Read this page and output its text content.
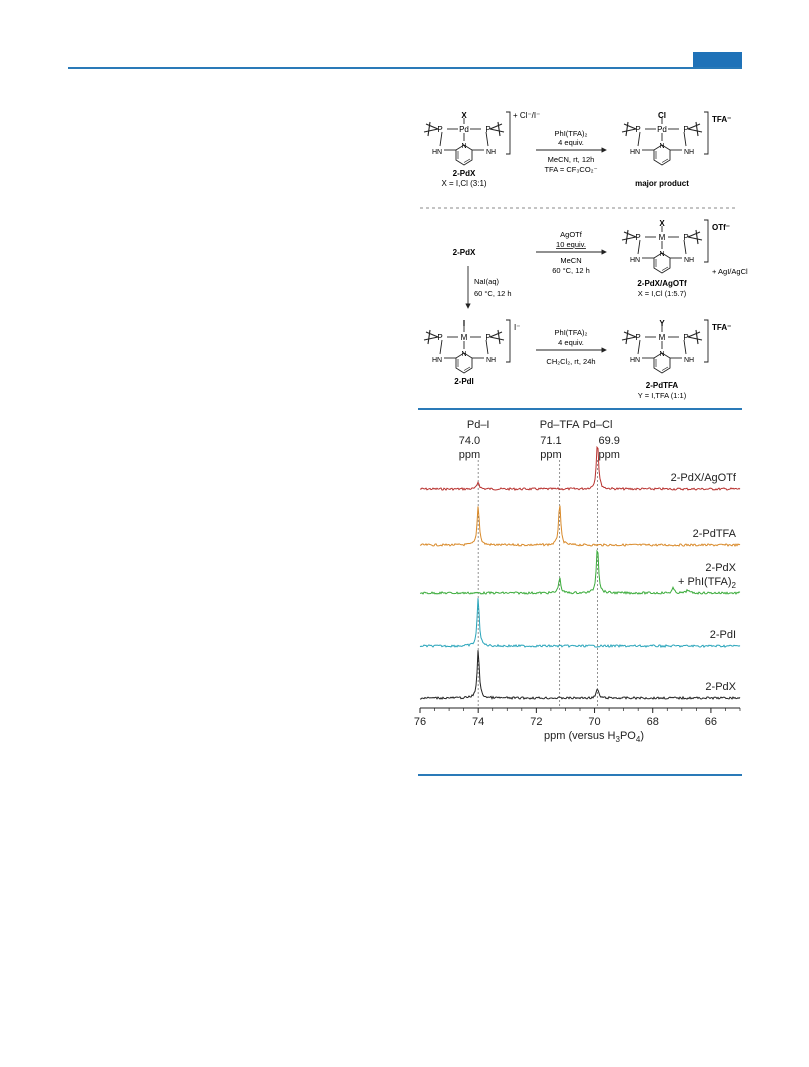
P	P
Pd
N
HN	NH
X	+ Cl⁻/I⁻
2-PdX
X = I,Cl (3:1)
PhI(TFA)₂
4 equiv.
MeCN, rt, 12h
TFA = CF₃CO₂⁻
P	P
Pd
N
HN	NH
Cl	TFA⁻
major product
2-PdX
AgOTf
10 equiv.
MeCN
60 °C, 12 h
P	P
M
N
HN	NH
X	OTf⁻
+ AgI/AgCl
2-PdX/AgOTf
X = I,Cl (1:5.7)
NaI(aq)
60 °C, 12 h
P	P
M
N
HN	NH
I	I⁻
2-PdI
PhI(TFA)₂
4 equiv.
CH₂Cl₂, rt, 24h
P	P
M
N
HN	NH
Y	TFA⁻
2-PdTFA
Y = I,TFA (1:1)
Pd–I
74.0
ppm
Pd–TFA
71.1
ppm
Pd–Cl
69.9
ppm
2-PdX/AgOTf
2-PdTFA
2-PdX
+ $PhI(TFA)_2$
2-PdI
2-PdX
76	74	72	70	68	66
ppm (versus $H_3PO_4$)
